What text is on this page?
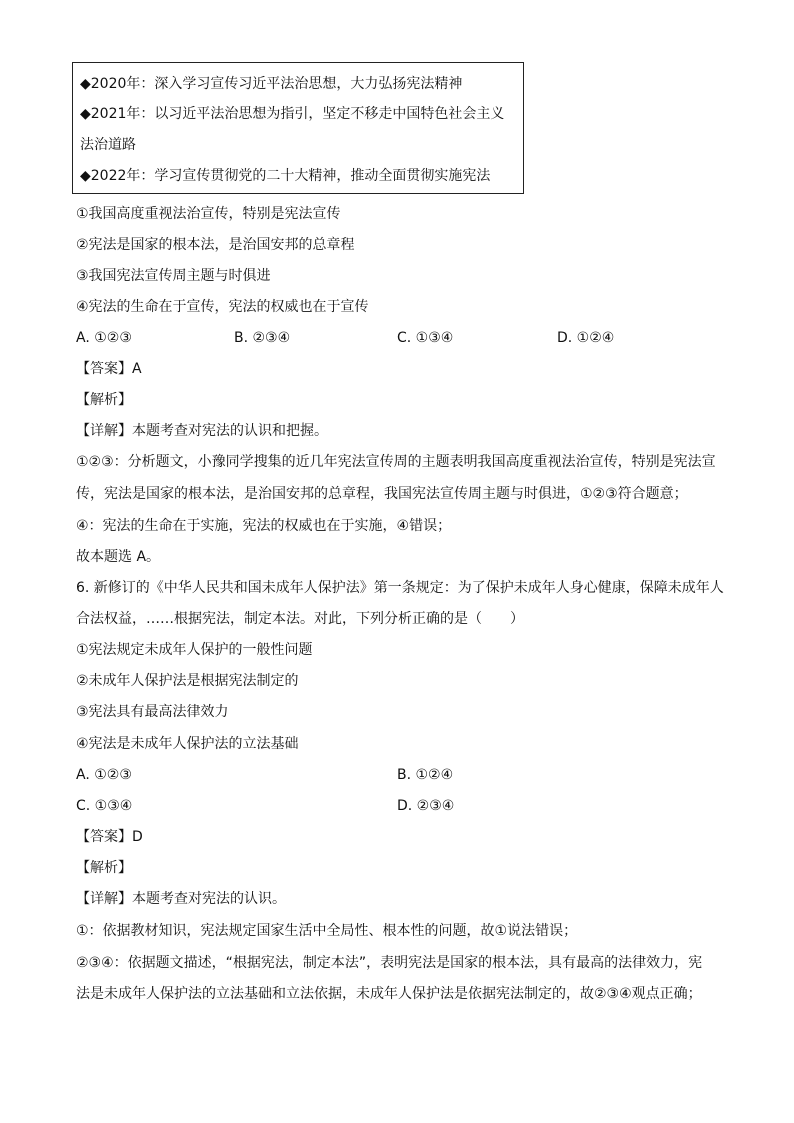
◆2020年：深入学习宣传习近平法治思想，大力弘扬宪法精神
◆2021年：以习近平法治思想为指引，坚定不移走中国特色社会主义
法治道路
◆2022年：学习宣传贯彻党的二十大精神，推动全面贯彻实施宪法
①我国高度重视法治宣传，特别是宪法宣传
②宪法是国家的根本法，是治国安邦的总章程
③我国宪法宣传周主题与时俱进
④宪法的生命在于宣传，宪法的权威也在于宣传
A. ①②③	B. ②③④	C. ①③④	D. ①②④
【答案】A
【解析】
【详解】本题考查对宪法的认识和把握。
①②③：分析题文，小豫同学搜集的近几年宪法宣传周的主题表明我国高度重视法治宣传，特别是宪法宣
传，宪法是国家的根本法，是治国安邦的总章程，我国宪法宣传周主题与时俱进，①②③符合题意；
④：宪法的生命在于实施，宪法的权威也在于实施，④错误；
故本题选 A。
6. 新修订的《中华人民共和国未成年人保护法》第一条规定：为了保护未成年人身心健康，保障未成年人
合法权益，……根据宪法，制定本法。对此，下列分析正确的是（　　）
①宪法规定未成年人保护的一般性问题
②未成年人保护法是根据宪法制定的
③宪法具有最高法律效力
④宪法是未成年人保护法的立法基础
A. ①②③	B. ①②④
C. ①③④	D. ②③④
【答案】D
【解析】
【详解】本题考查对宪法的认识。
①：依据教材知识，宪法规定国家生活中全局性、根本性的问题，故①说法错误；
②③④：依据题文描述，“根据宪法，制定本法”，表明宪法是国家的根本法，具有最高的法律效力，宪
法是未成年人保护法的立法基础和立法依据，未成年人保护法是依据宪法制定的，故②③④观点正确；
